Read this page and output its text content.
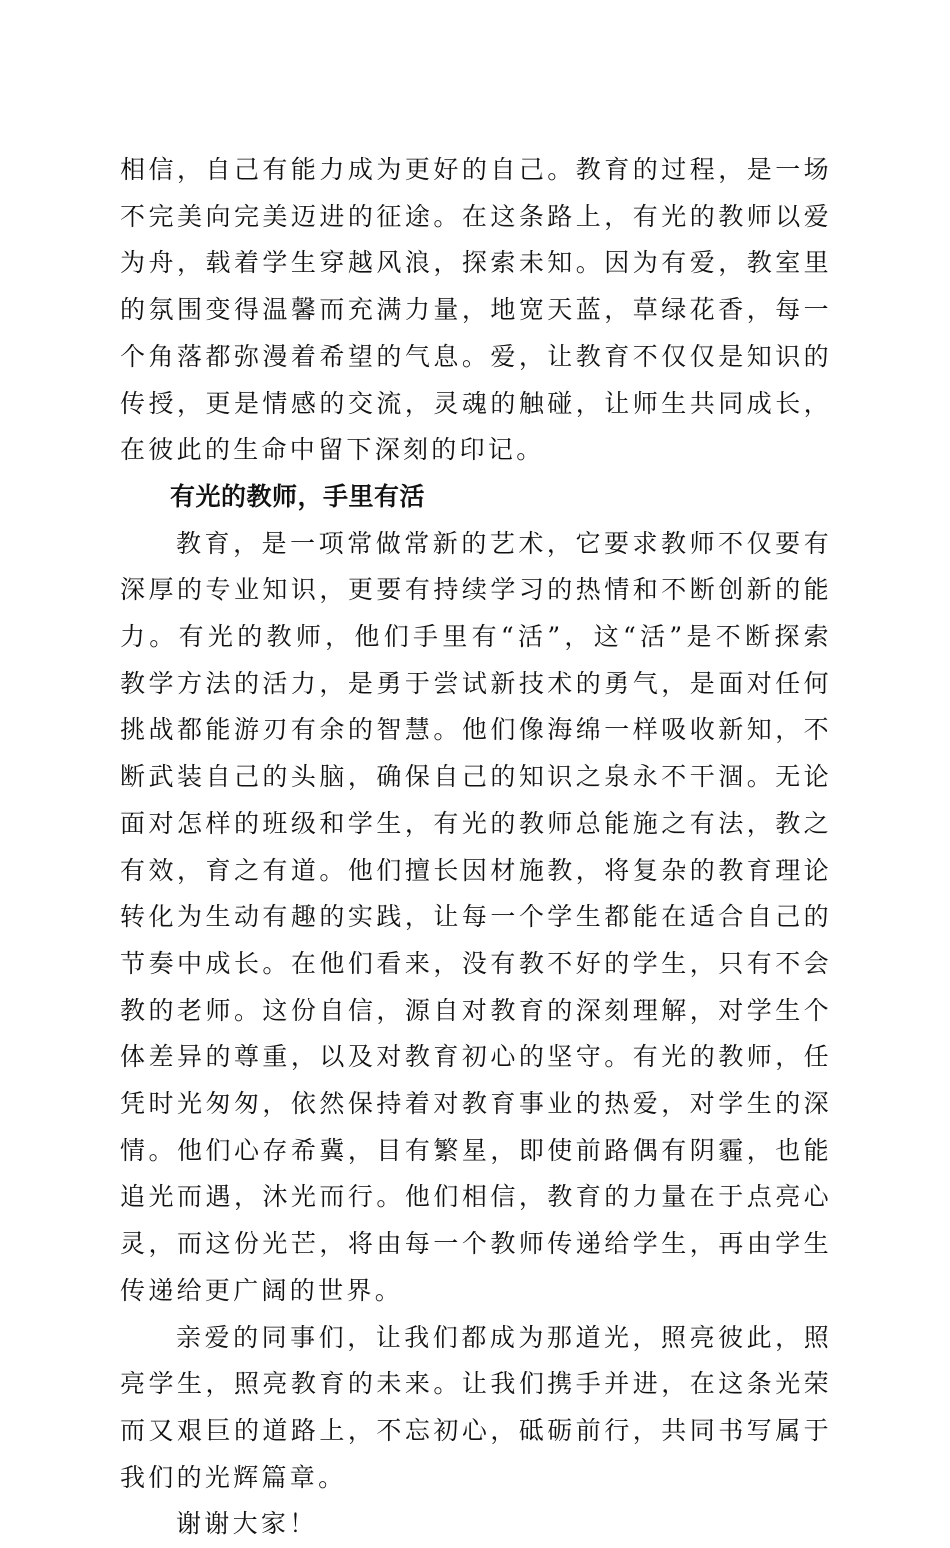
相信，自己有能力成为更好的自己。教育的过程，是一场不完美向完美迈进的征途。在这条路上，有光的教师以爱为舟，载着学生穿越风浪，探索未知。因为有爱，教室里的氛围变得温馨而充满力量，地宽天蓝，草绿花香，每一个角落都弥漫着希望的气息。爱，让教育不仅仅是知识的传授，更是情感的交流，灵魂的触碰，让师生共同成长，在彼此的生命中留下深刻的印记。

有光的教师，手里有活

教育，是一项常做常新的艺术，它要求教师不仅要有深厚的专业知识，更要有持续学习的热情和不断创新的能力。有光的教师，他们手里有“活”，这“活”是不断探索教学方法的活力，是勇于尝试新技术的勇气，是面对任何挑战都能游刃有余的智慧。他们像海绵一样吸收新知，不断武装自己的头脑，确保自己的知识之泉永不干涸。无论面对怎样的班级和学生，有光的教师总能施之有法，教之有效，育之有道。他们擅长因材施教，将复杂的教育理论转化为生动有趣的实践，让每一个学生都能在适合自己的节奏中成长。在他们看来，没有教不好的学生，只有不会教的老师。这份自信，源自对教育的深刻理解，对学生个体差异的尊重，以及对教育初心的坚守。有光的教师，任凭时光匆匆，依然保持着对教育事业的热爱，对学生的深情。他们心存希冀，目有繁星，即使前路偶有阴霾，也能追光而遇，沐光而行。他们相信，教育的力量在于点亮心灵，而这份光芒，将由每一个教师传递给学生，再由学生传递给更广阔的世界。

亲爱的同事们，让我们都成为那道光，照亮彼此，照亮学生，照亮教育的未来。让我们携手并进，在这条光荣而又艰巨的道路上，不忘初心，砥砺前行，共同书写属于我们的光辉篇章。

谢谢大家！
